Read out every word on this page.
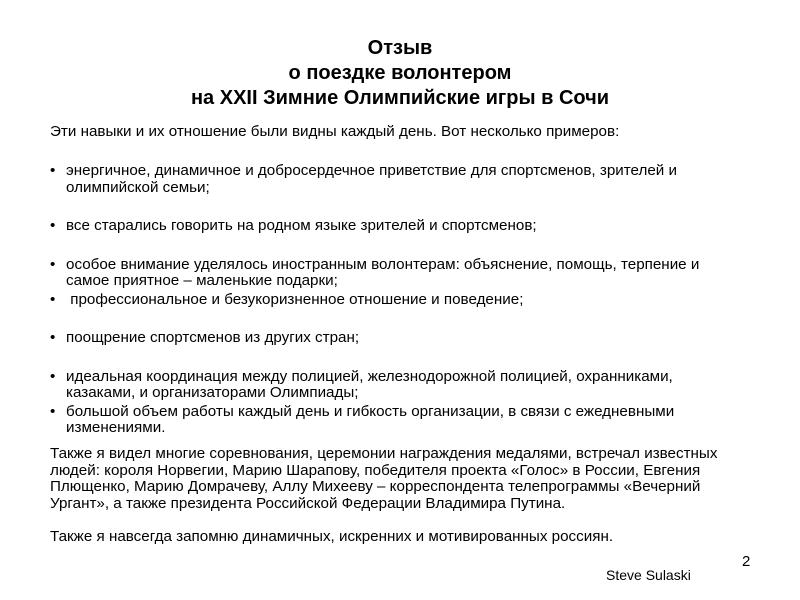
Отзыв
о поездке волонтером
на XXII Зимние Олимпийские игры в Сочи

Эти навыки и их отношение были видны каждый день. Вот несколько примеров:

• энергичное, динамичное и доброcердечное приветствие для спортсменов, зрителей и олимпийской семьи;
• все старались говорить на родном языке зрителей и спортсменов;
• особое внимание уделялось иностранным волонтерам: объяснение, помощь, терпение и самое приятное – маленькие подарки;
• профессиональное и безукоризненное отношение и поведение;
• поощрение спортсменов из других стран;
• идеальная координация между полицией, железнодорожной полицией, охранниками, казаками, и организаторами Олимпиады;
• большой объем работы каждый день и гибкость организации, в связи с ежедневными изменениями.

Также я видел многие соревнования, церемонии награждения медалями, встречал известных людей: короля Норвегии, Марию Шарапову, победителя проекта «Голос» в России, Евгения Плющенко, Марию Домрачеву, Аллу Михееву – корреспондента телепрограммы «Вечерний Ургант», а также президента Российской Федерации Владимира Путина.

Также я навсегда запомню динамичных, искренних и мотивированных россиян.

2
Steve Sulaski
